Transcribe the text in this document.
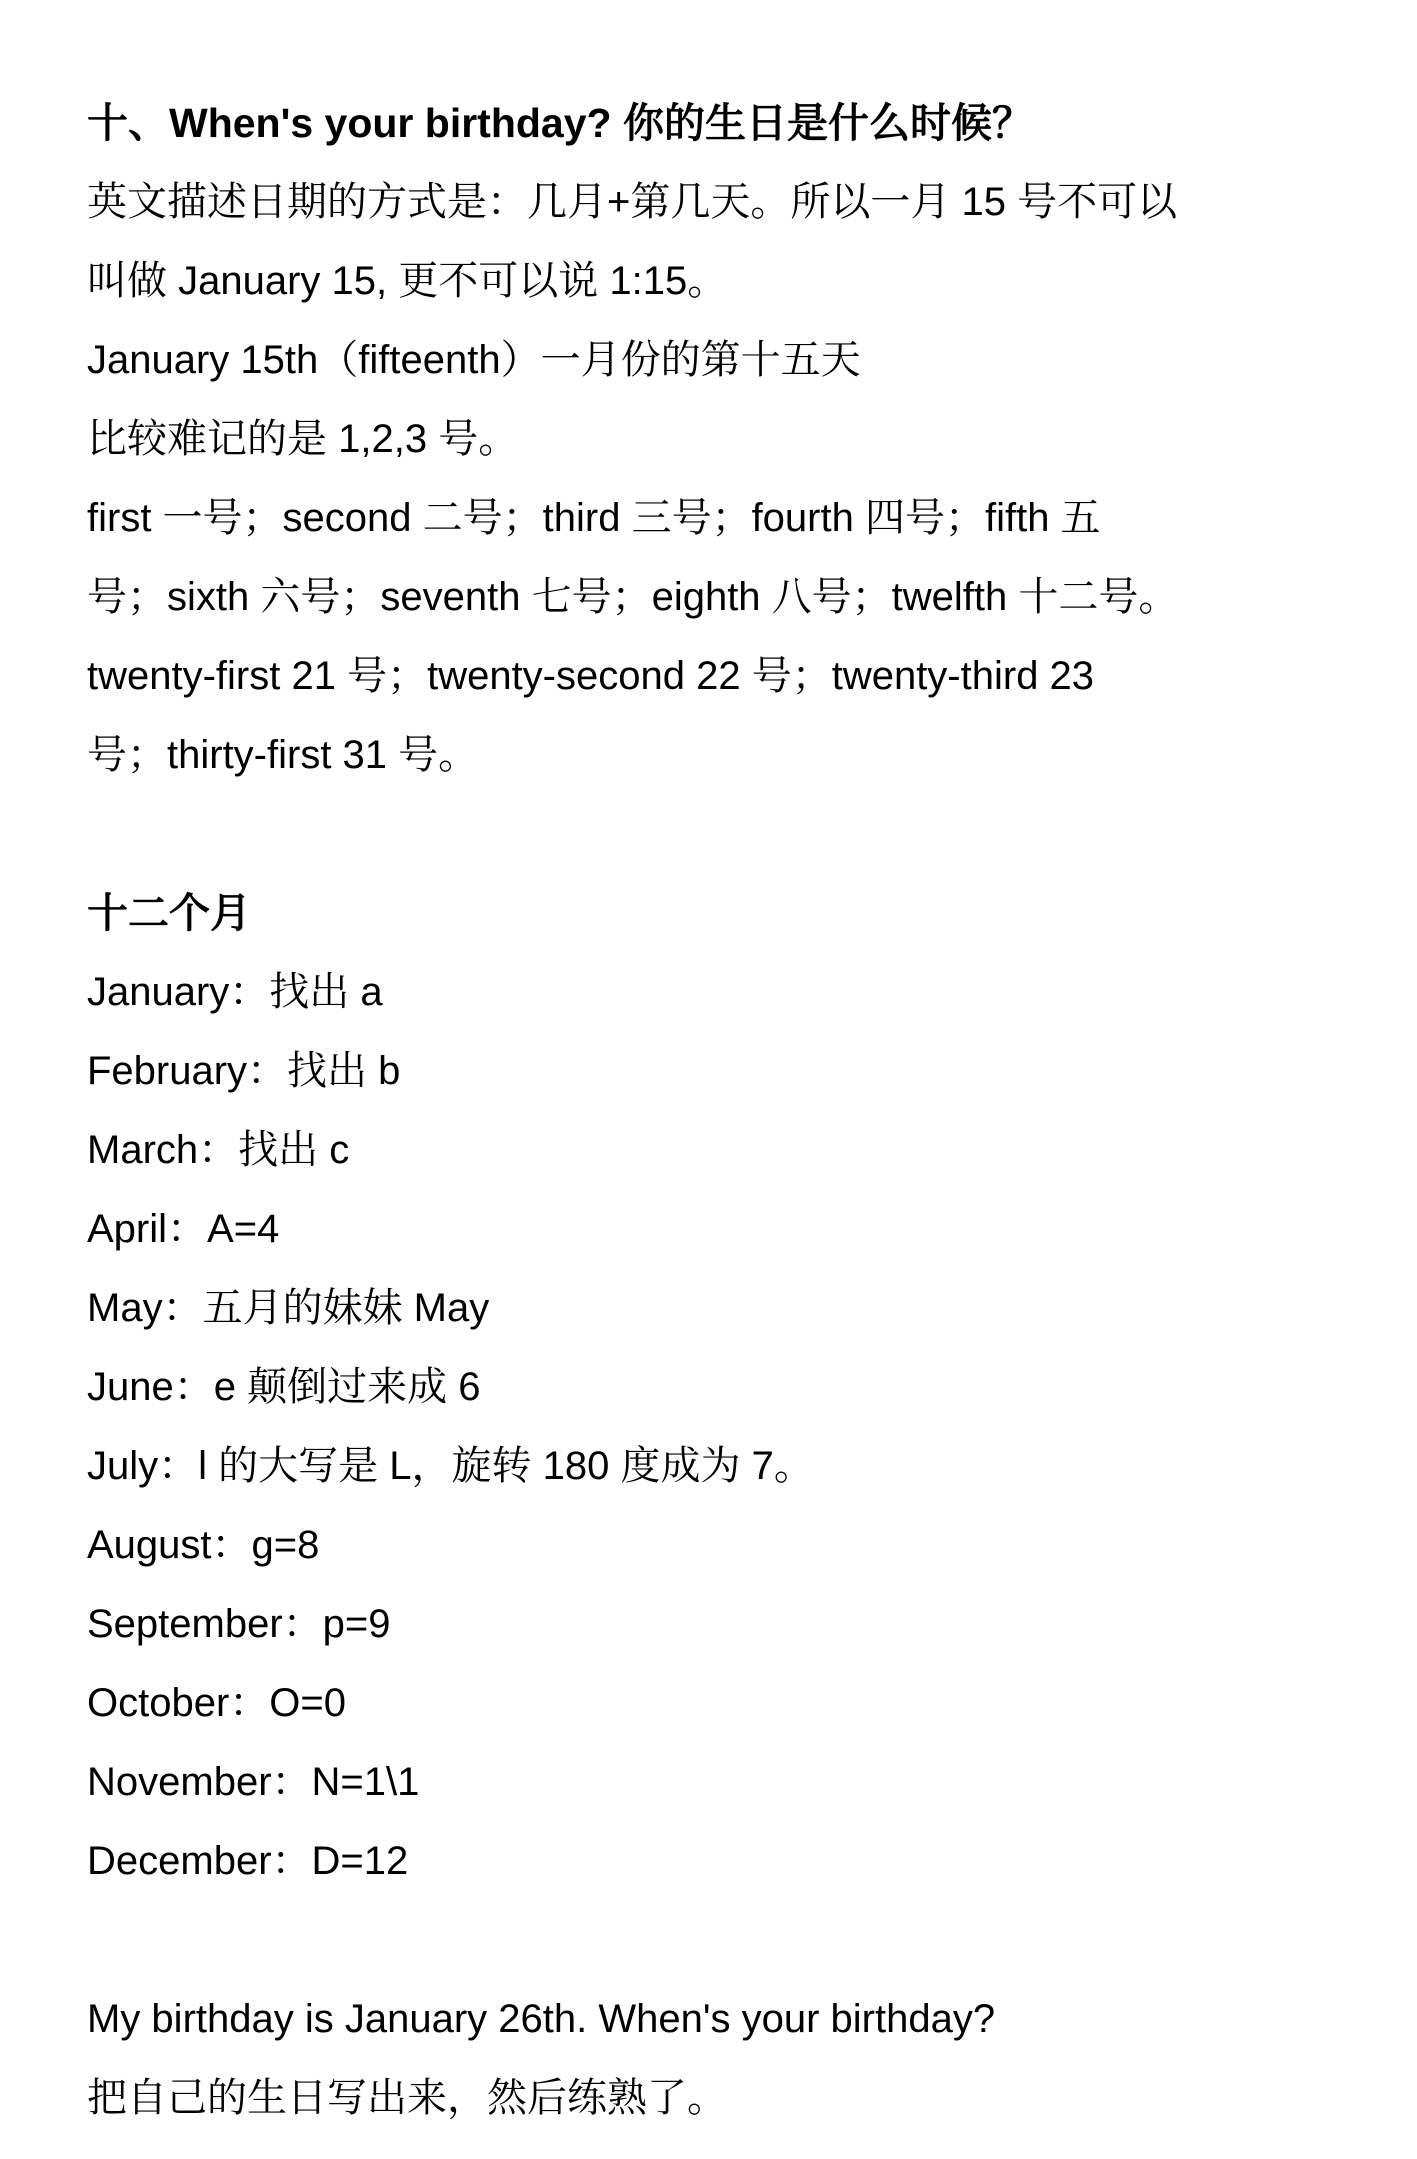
十、When's your birthday? 你的生日是什么时候？
英文描述日期的方式是：几月+第几天。所以一月 15 号不可以
叫做 January 15, 更不可以说 1:15。
January 15th（fifteenth）一月份的第十五天
比较难记的是 1,2,3 号。
first 一号；second 二号；third 三号；fourth 四号；fifth 五
号；sixth 六号；seventh 七号；eighth 八号；twelfth 十二号。
twenty-first 21 号；twenty-second 22 号；twenty-third 23
号；thirty-first 31 号。
十二个月
January：找出 a
February：找出 b
March：找出 c
April：A=4
May：五月的妹妹 May
June：e 颠倒过来成 6
July：l 的大写是 L，旋转 180 度成为 7。
August：g=8
September：p=9
October：O=0
November：N=1\1
December：D=12
My birthday is January 26th. When's your birthday?
把自己的生日写出来，然后练熟了。
